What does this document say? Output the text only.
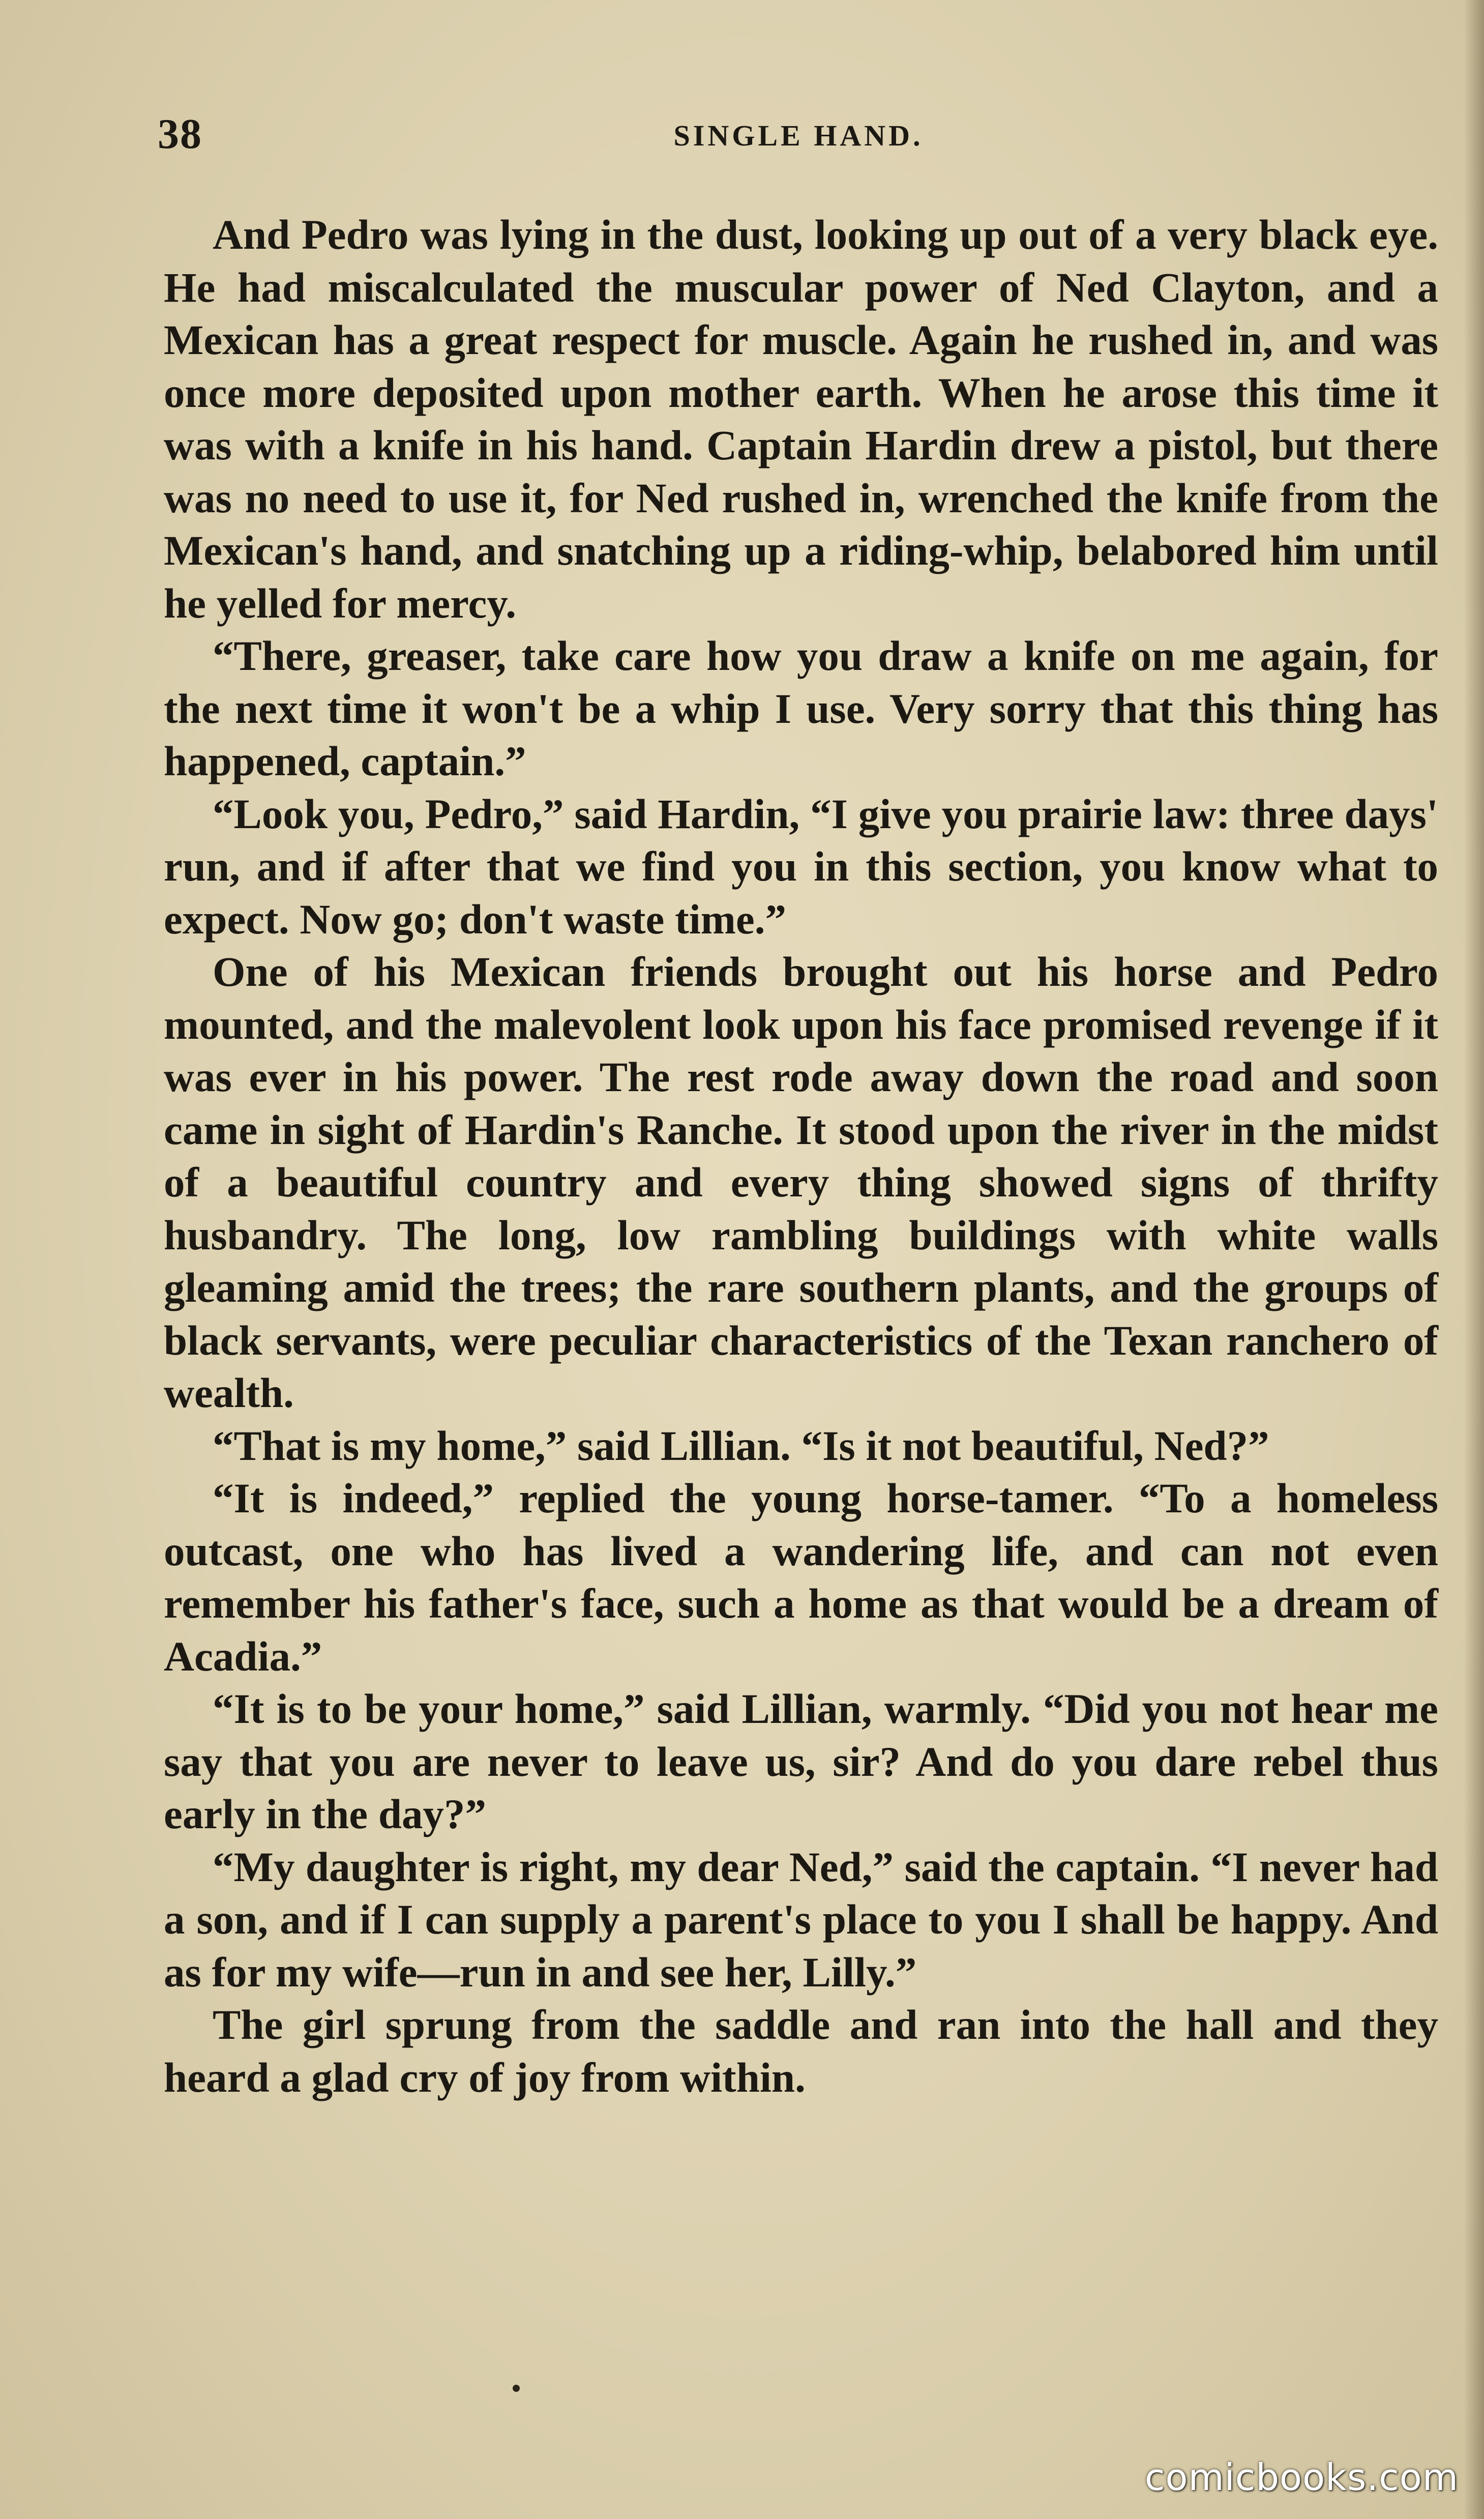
38	SINGLE HAND.

And Pedro was lying in the dust, looking up out of a very black eye. He had miscalculated the muscular power of Ned Clayton, and a Mexican has a great respect for muscle. Again he rushed in, and was once more deposited upon mother earth. When he arose this time it was with a knife in his hand. Captain Hardin drew a pistol, but there was no need to use it, for Ned rushed in, wrenched the knife from the Mexican's hand, and snatching up a riding-whip, belabored him until he yelled for mercy.

“There, greaser, take care how you draw a knife on me again, for the next time it won't be a whip I use. Very sorry that this thing has happened, captain.”

“Look you, Pedro,” said Hardin, “I give you prairie law: three days' run, and if after that we find you in this section, you know what to expect. Now go; don't waste time.”

One of his Mexican friends brought out his horse and Pedro mounted, and the malevolent look upon his face promised revenge if it was ever in his power. The rest rode away down the road and soon came in sight of Hardin's Ranche. It stood upon the river in the midst of a beautiful country and every thing showed signs of thrifty husbandry. The long, low rambling buildings with white walls gleaming amid the trees; the rare southern plants, and the groups of black servants, were peculiar characteristics of the Texan ranchero of wealth.

“That is my home,” said Lillian. “Is it not beautiful, Ned?”

“It is indeed,” replied the young horse-tamer. “To a homeless outcast, one who has lived a wandering life, and can not even remember his father's face, such a home as that would be a dream of Acadia.”

“It is to be your home,” said Lillian, warmly. “Did you not hear me say that you are never to leave us, sir? And do you dare rebel thus early in the day?”

“My daughter is right, my dear Ned,” said the captain. “I never had a son, and if I can supply a parent's place to you I shall be happy. And as for my wife—run in and see her, Lilly.”

The girl sprung from the saddle and ran into the hall and they heard a glad cry of joy from within.

comicbooks.com
